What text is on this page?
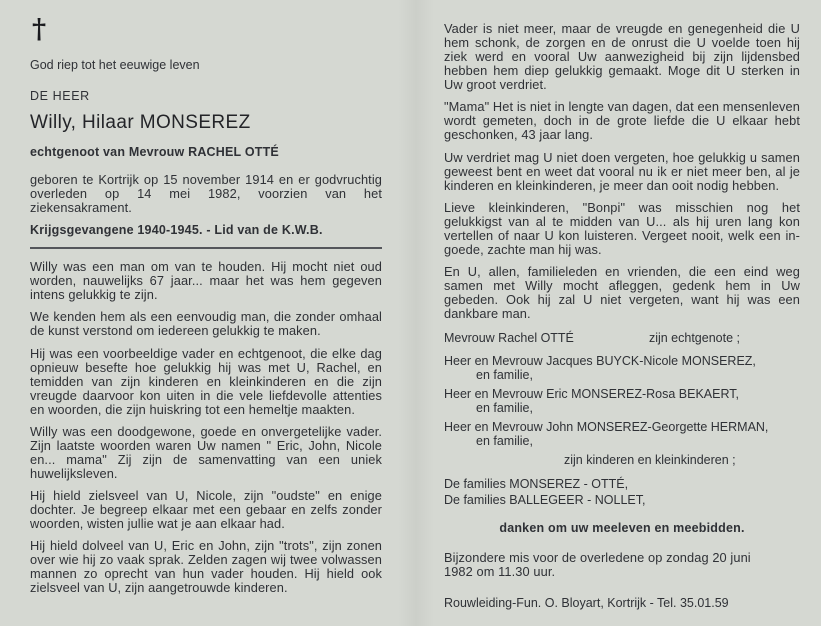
†
God riep tot het eeuwige leven
DE HEER
Willy, Hilaar MONSEREZ
echtgenoot van Mevrouw RACHEL OTTÉ

geboren te Kortrijk op 15 november 1914 en er godvruchtig overleden op 14 mei 1982, voorzien van het ziekensakrament.

Krijgsgevangene 1940-1945. - Lid van de K.W.B.

Willy was een man om van te houden. Hij mocht niet oud worden, nauwelijks 67 jaar... maar het was hem gegeven intens gelukkig te zijn.

We kenden hem als een eenvoudig man, die zonder omhaal de kunst verstond om iedereen gelukkig te maken.

Hij was een voorbeeldige vader en echtgenoot, die elke dag opnieuw besefte hoe gelukkig hij was met U, Rachel, en temidden van zijn kinderen en kleinkinderen en die zijn vreugde daarvoor kon uiten in die vele liefdevolle attenties en woorden, die zijn huiskring tot een hemeltje maakten.

Willy was een doodgewone, goede en onvergetelijke vader. Zijn laatste woorden waren Uw namen " Eric, John, Nicole en... mama" Zij zijn de samenvatting van een uniek huwelijksleven.

Hij hield zielsveel van U, Nicole, zijn "oudste" en enige dochter. Je begreep elkaar met een gebaar en zelfs zonder woorden, wisten jullie wat je aan elkaar had.

Hij hield dolveel van U, Eric en John, zijn "trots", zijn zonen over wie hij zo vaak sprak. Zelden zagen wij twee volwassen mannen zo oprecht van hun vader houden. Hij hield ook zielsveel van U, zijn aangetrouwde kinderen.

Vader is niet meer, maar de vreugde en genegenheid die U hem schonk, de zorgen en de onrust die U voelde toen hij ziek werd en vooral Uw aanwezigheid bij zijn lijdensbed hebben hem diep gelukkig gemaakt. Moge dit U sterken in Uw groot verdriet.

"Mama" Het is niet in lengte van dagen, dat een mensenleven wordt gemeten, doch in de grote liefde die U elkaar hebt geschonken, 43 jaar lang.

Uw verdriet mag U niet doen vergeten, hoe gelukkig u samen geweest bent en weet dat vooral nu ik er niet meer ben, al je kinderen en kleinkinderen, je meer dan ooit nodig hebben.

Lieve kleinkinderen, "Bonpi" was misschien nog het gelukkigst van al te midden van U... als hij uren lang kon vertellen of naar U kon luisteren. Vergeet nooit, welk een in-goede, zachte man hij was.

En U, allen, familieleden en vrienden, die een eind weg samen met Willy mocht afleggen, gedenk hem in Uw gebeden. Ook hij zal U niet vergeten, want hij was een dankbare man.

Mevrouw Rachel OTTÉ	zijn echtgenote ;
Heer en Mevrouw Jacques BUYCK-Nicole MONSEREZ,
en familie,
Heer en Mevrouw Eric MONSEREZ-Rosa BEKAERT,
en familie,
Heer en Mevrouw John MONSEREZ-Georgette HERMAN,
en familie,
zijn kinderen en kleinkinderen ;
De families MONSEREZ - OTTÉ,
De families BALLEGEER - NOLLET,
danken om uw meeleven en meebidden.

Bijzondere mis voor de overledene op zondag 20 juni 1982 om 11.30 uur.

Rouwleiding-Fun. O. Bloyart, Kortrijk - Tel. 35.01.59
